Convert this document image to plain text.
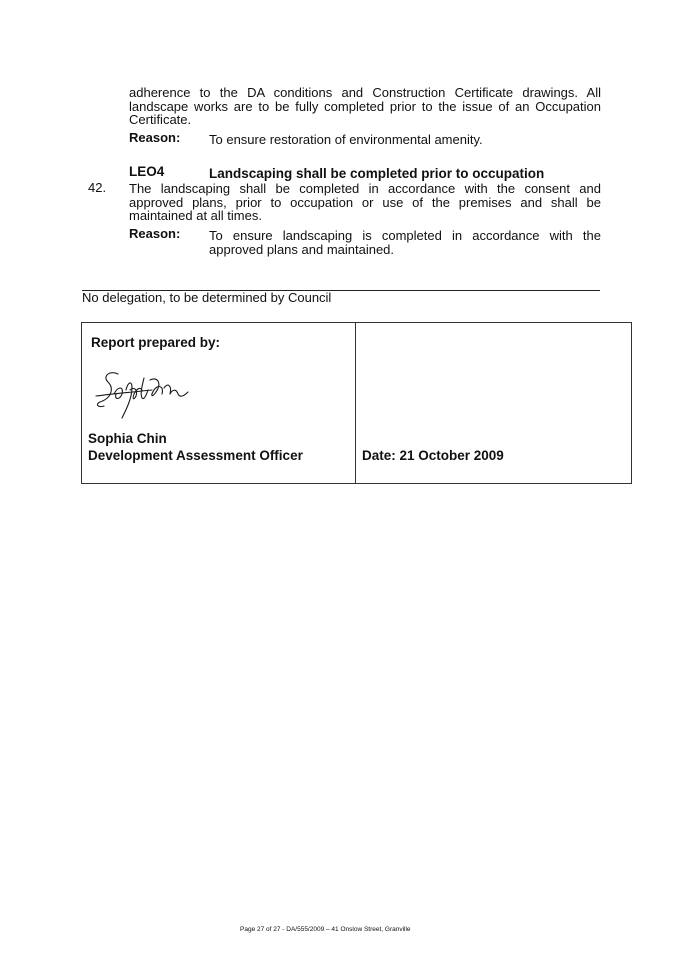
adherence to the DA conditions and Construction Certificate drawings. All landscape works are to be fully completed prior to the issue of an Occupation Certificate.
Reason: To ensure restoration of environmental amenity.
LEO4	Landscaping shall be completed prior to occupation
42. The landscaping shall be completed in accordance with the consent and approved plans, prior to occupation or use of the premises and shall be maintained at all times.
Reason: To ensure landscaping is completed in accordance with the approved plans and maintained.
No delegation, to be determined by Council
Report prepared by:
Sophia Chin
Development Assessment Officer	Date: 21 October 2009
Page 27 of 27 - DA/555/2009 – 41 Onslow Street, Granville
